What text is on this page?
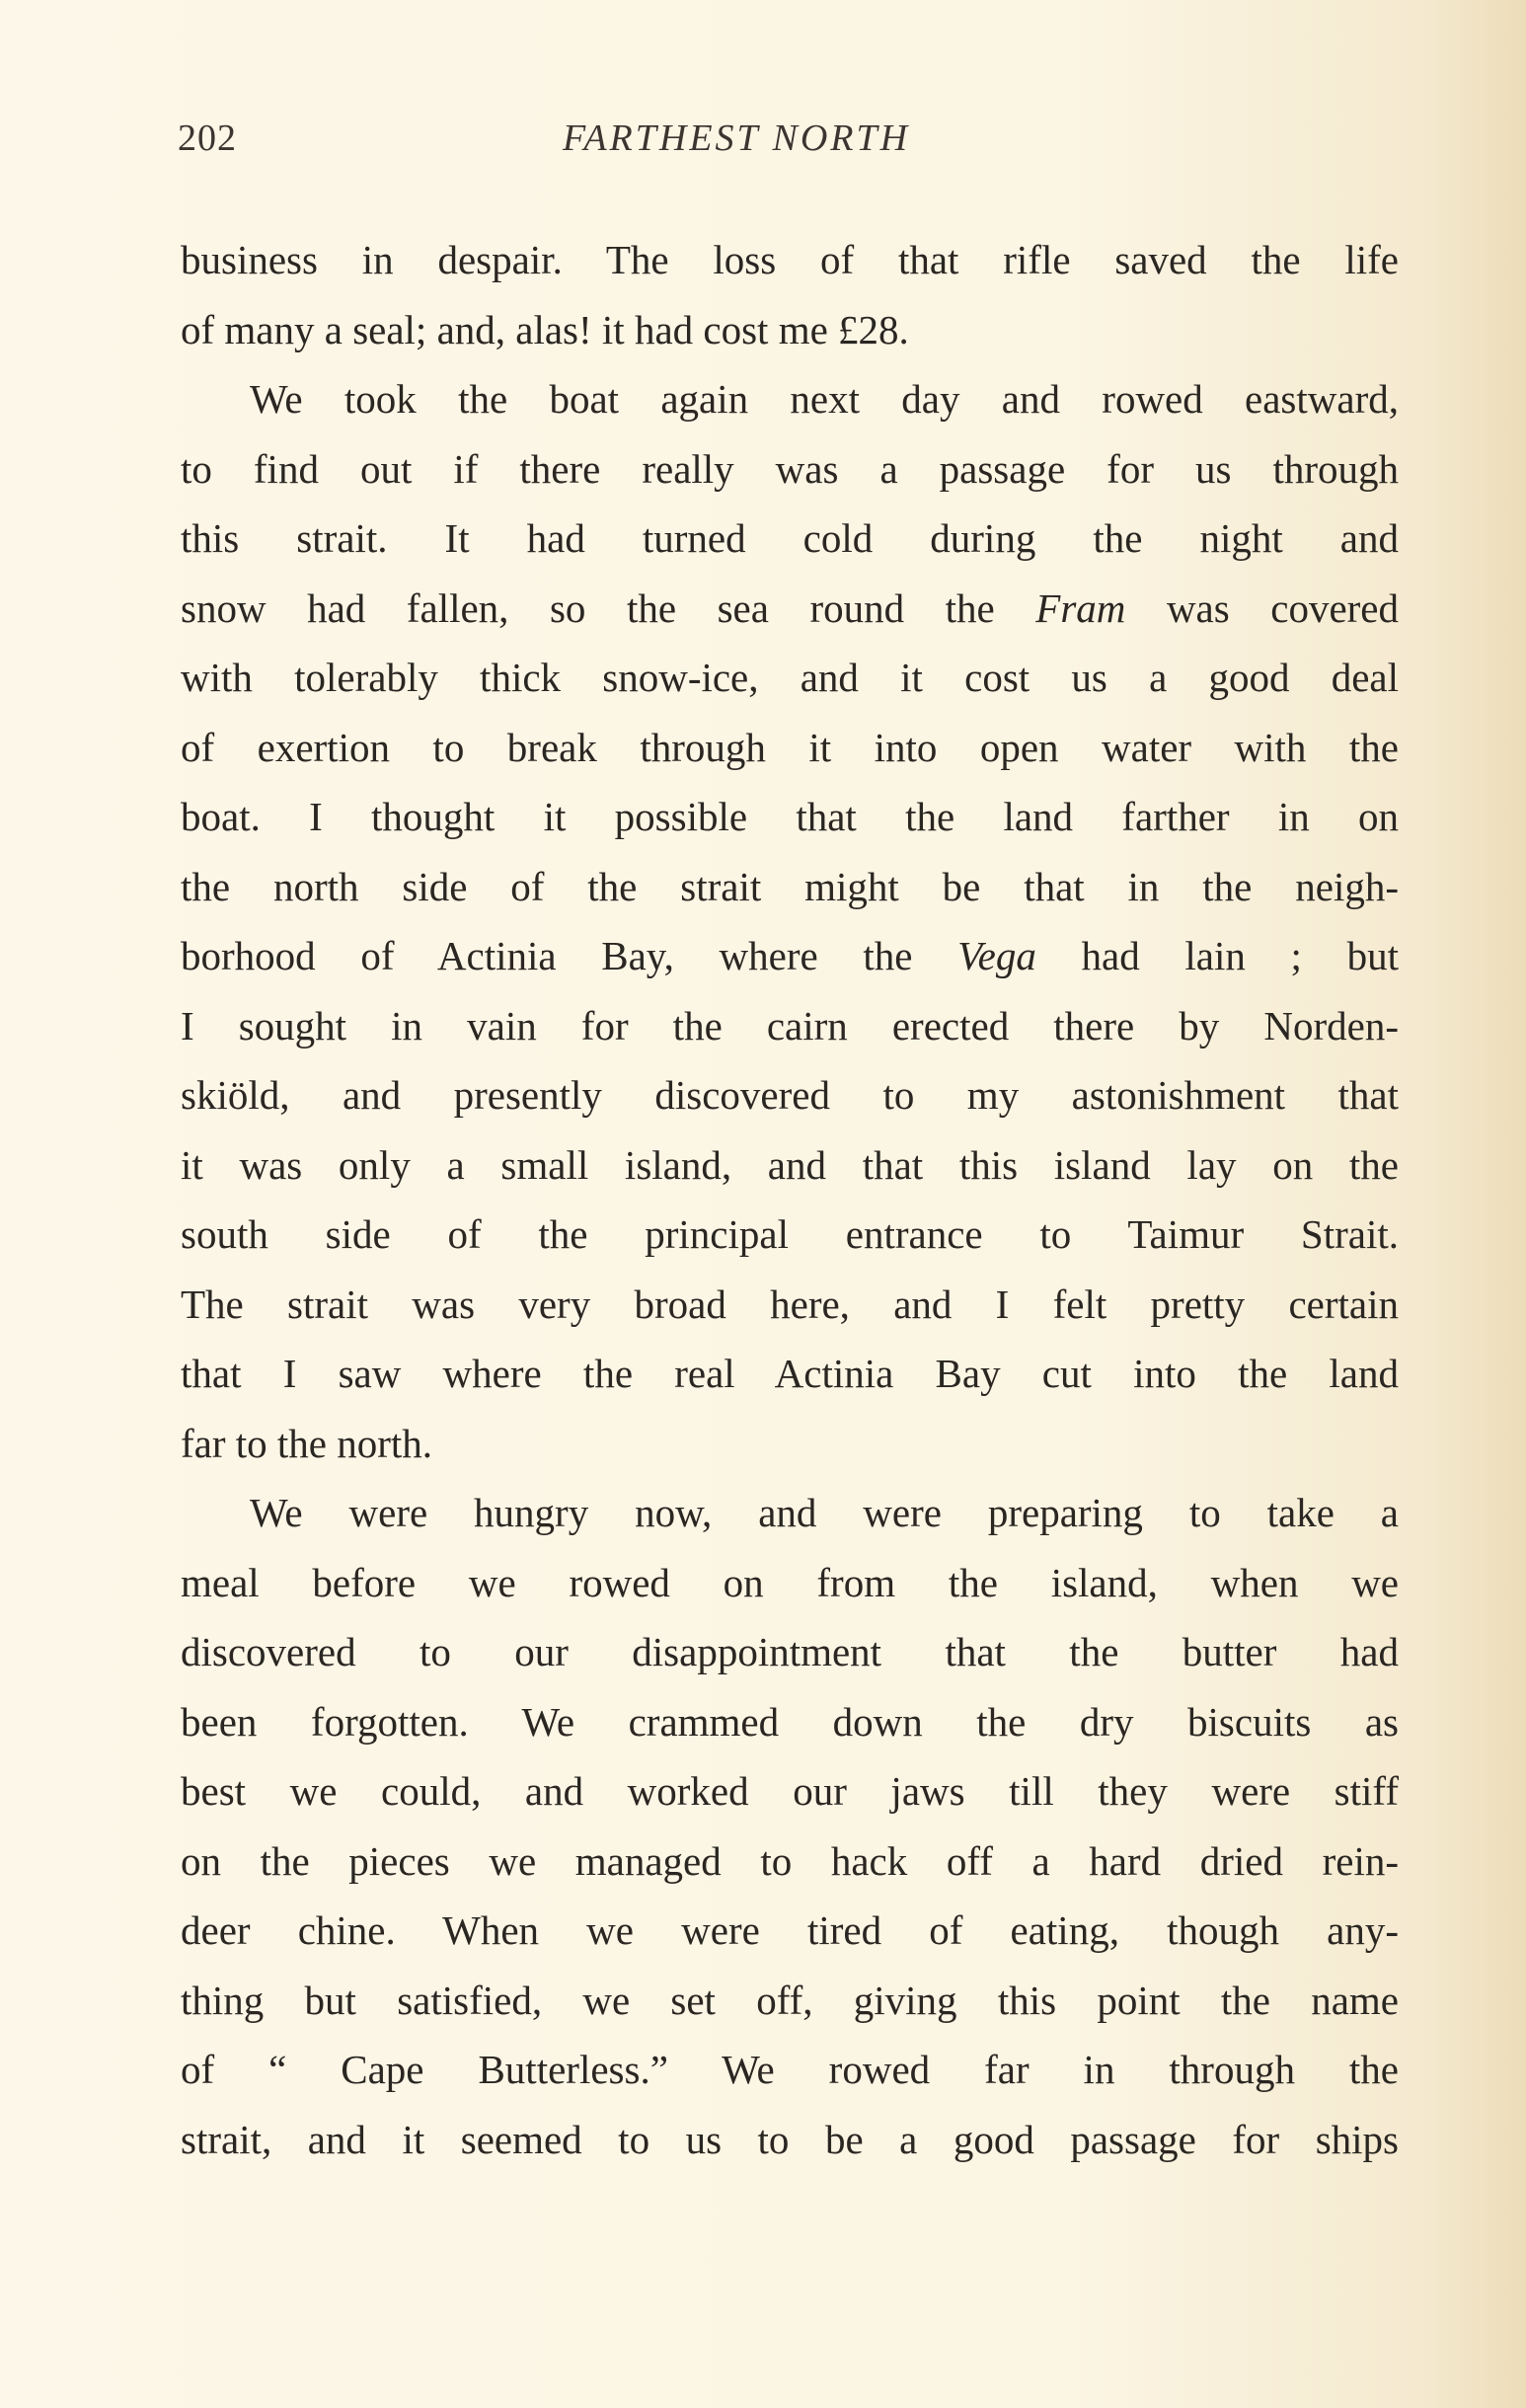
202	FARTHEST NORTH
business in despair. The loss of that rifle saved the life
of many a seal; and, alas! it had cost me £28.
We took the boat again next day and rowed eastward,
to find out if there really was a passage for us through
this strait. It had turned cold during the night and
snow had fallen, so the sea round the Fram was covered
with tolerably thick snow-ice, and it cost us a good deal
of exertion to break through it into open water with the
boat. I thought it possible that the land farther in on
the north side of the strait might be that in the neigh-
borhood of Actinia Bay, where the Vega had lain ; but
I sought in vain for the cairn erected there by Norden-
skiöld, and presently discovered to my astonishment that
it was only a small island, and that this island lay on the
south side of the principal entrance to Taimur Strait.
The strait was very broad here, and I felt pretty certain
that I saw where the real Actinia Bay cut into the land
far to the north.
We were hungry now, and were preparing to take a
meal before we rowed on from the island, when we
discovered to our disappointment that the butter had
been forgotten. We crammed down the dry biscuits as
best we could, and worked our jaws till they were stiff
on the pieces we managed to hack off a hard dried rein-
deer chine. When we were tired of eating, though any-
thing but satisfied, we set off, giving this point the name
of “ Cape Butterless.” We rowed far in through the
strait, and it seemed to us to be a good passage for ships
